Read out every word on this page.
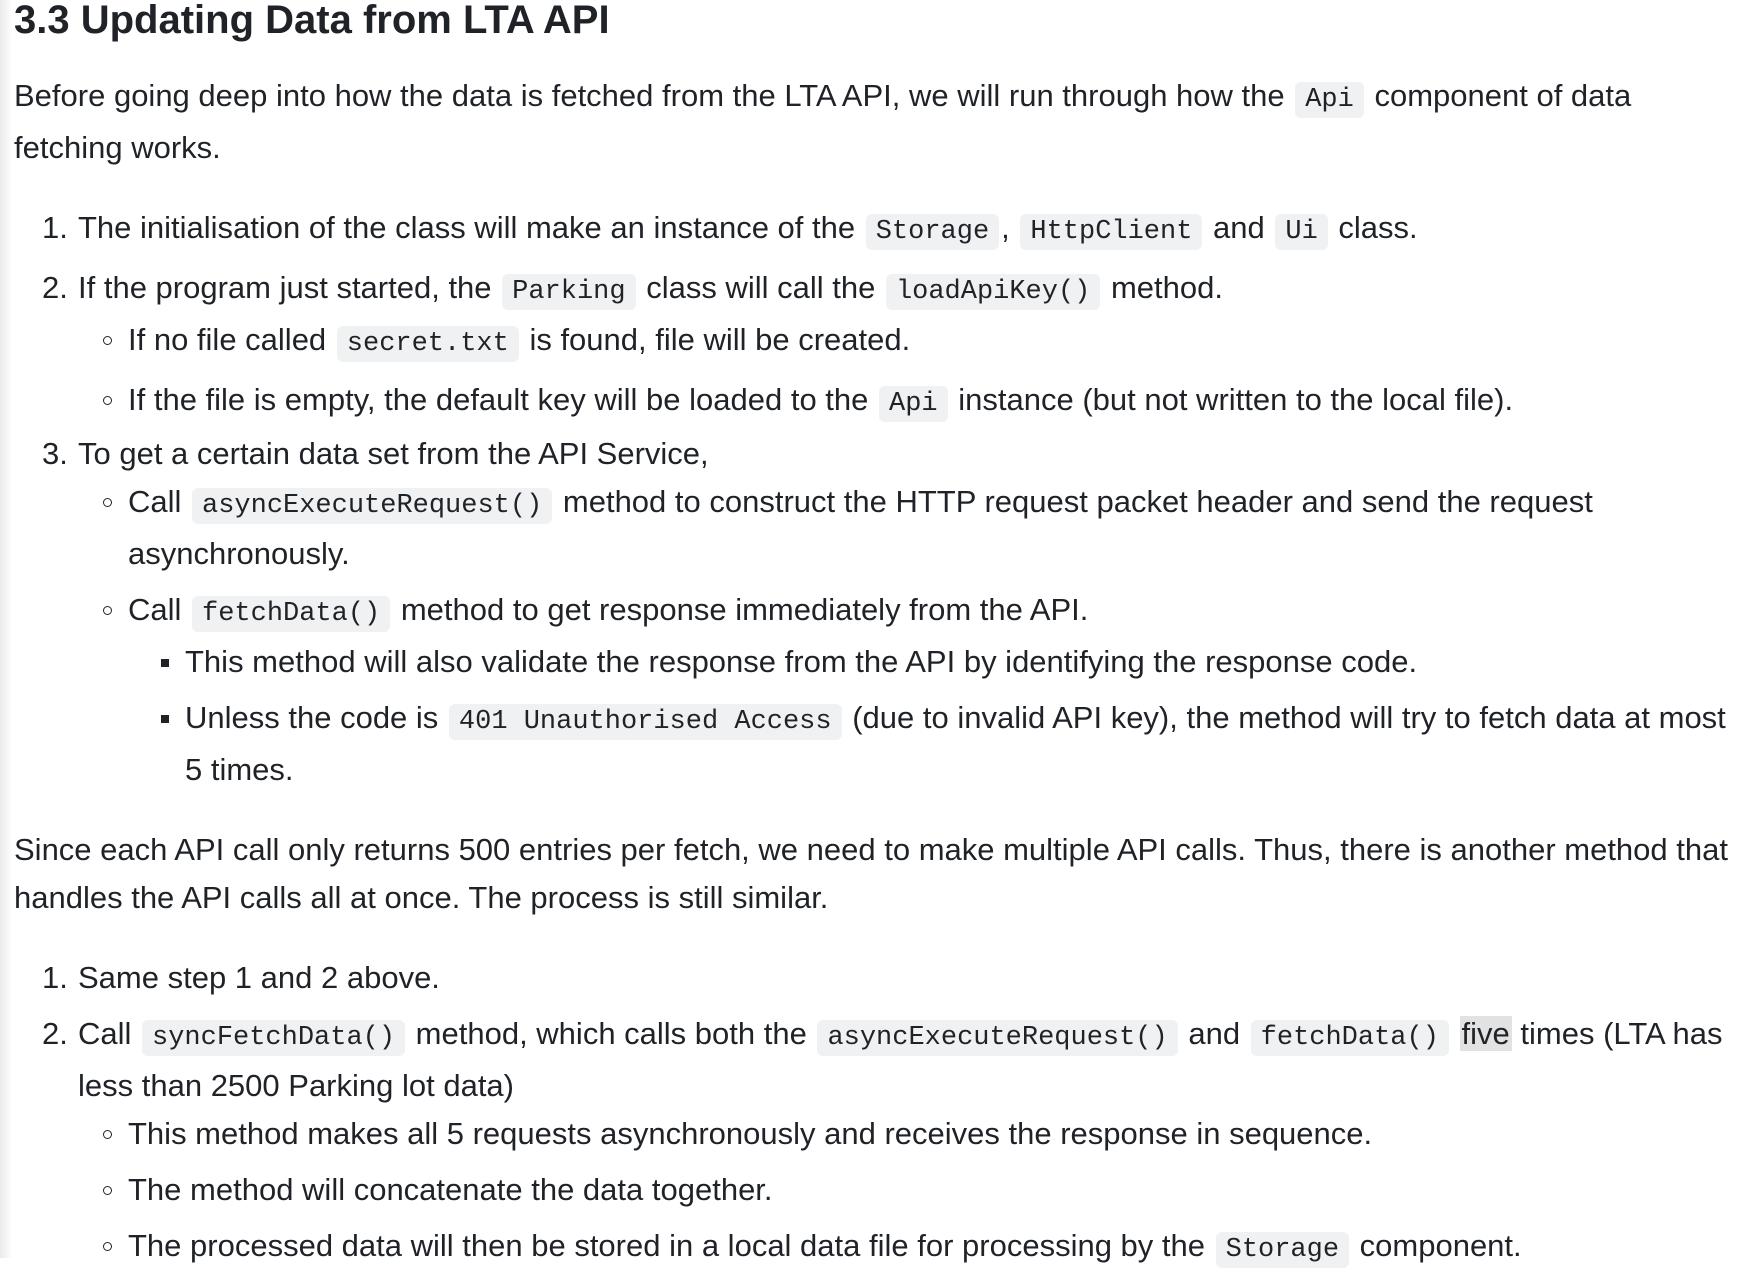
3.3 Updating Data from LTA API

Before going deep into how the data is fetched from the LTA API, we will run through how the Api component of data fetching works.

1. The initialisation of the class will make an instance of the Storage , HttpClient and Ui class.
2. If the program just started, the Parking class will call the loadApiKey() method.
If no file called secret.txt is found, file will be created.
If the file is empty, the default key will be loaded to the Api instance (but not written to the local file).
3. To get a certain data set from the API Service,
Call asyncExecuteRequest() method to construct the HTTP request packet header and send the request asynchronously.
Call fetchData() method to get response immediately from the API.
This method will also validate the response from the API by identifying the response code.
Unless the code is 401 Unauthorised Access (due to invalid API key), the method will try to fetch data at most 5 times.

Since each API call only returns 500 entries per fetch, we need to make multiple API calls. Thus, there is another method that handles the API calls all at once. The process is still similar.

1. Same step 1 and 2 above.
2. Call syncFetchData() method, which calls both the asyncExecuteRequest() and fetchData() five times (LTA has less than 2500 Parking lot data)
This method makes all 5 requests asynchronously and receives the response in sequence.
The method will concatenate the data together.
The processed data will then be stored in a local data file for processing by the Storage component.
